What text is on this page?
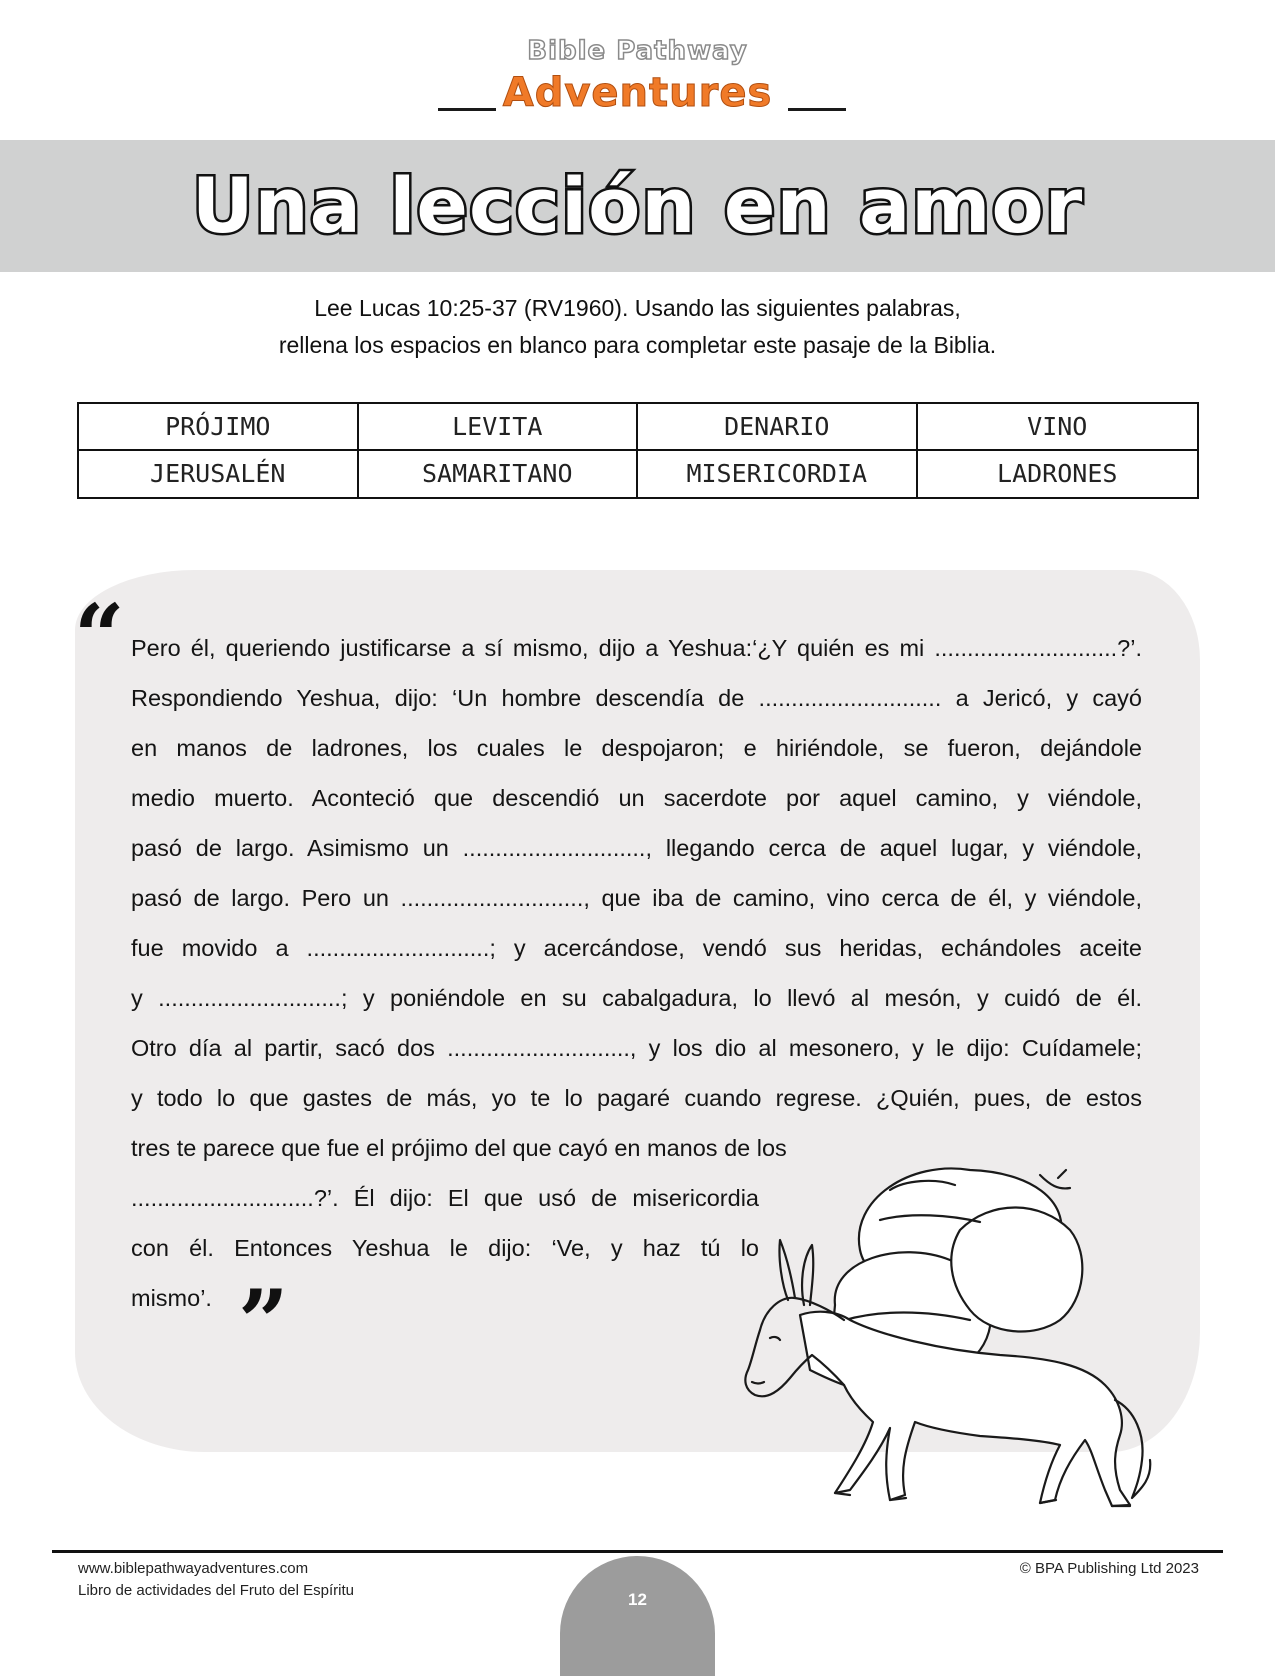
Bible Pathway
Adventures
Una lección en amor
Lee Lucas 10:25-37 (RV1960). Usando las siguientes palabras,
rellena los espacios en blanco para completar este pasaje de la Biblia.
PRÓJIMO	LEVITA	DENARIO	VINO
JERUSALÉN	SAMARITANO	MISERICORDIA	LADRONES
“ Pero él, queriendo justificarse a sí mismo, dijo a Yeshua:‘¿Y quién es mi ............................?’.
Respondiendo Yeshua, dijo: ‘Un hombre descendía de ............................ a Jericó, y cayó
en manos de ladrones, los cuales le despojaron; e hiriéndole, se fueron, dejándole
medio muerto. Aconteció que descendió un sacerdote por aquel camino, y viéndole,
pasó de largo. Asimismo un ............................, llegando cerca de aquel lugar, y viéndole,
pasó de largo. Pero un ............................, que iba de camino, vino cerca de él, y viéndole,
fue movido a ............................; y acercándose, vendó sus heridas, echándoles aceite
y ............................; y poniéndole en su cabalgadura, lo llevó al mesón, y cuidó de él.
Otro día al partir, sacó dos ............................, y los dio al mesonero, y le dijo: Cuídamele;
y todo lo que gastes de más, yo te lo pagaré cuando regrese. ¿Quién, pues, de estos
tres te parece que fue el prójimo del que cayó en manos de los
............................?’. Él dijo: El que usó de misericordia
con él. Entonces Yeshua le dijo: ‘Ve, y haz tú lo
mismo’. ”
www.biblepathwayadventures.com
Libro de actividades del Fruto del Espíritu
© BPA Publishing Ltd 2023
12
